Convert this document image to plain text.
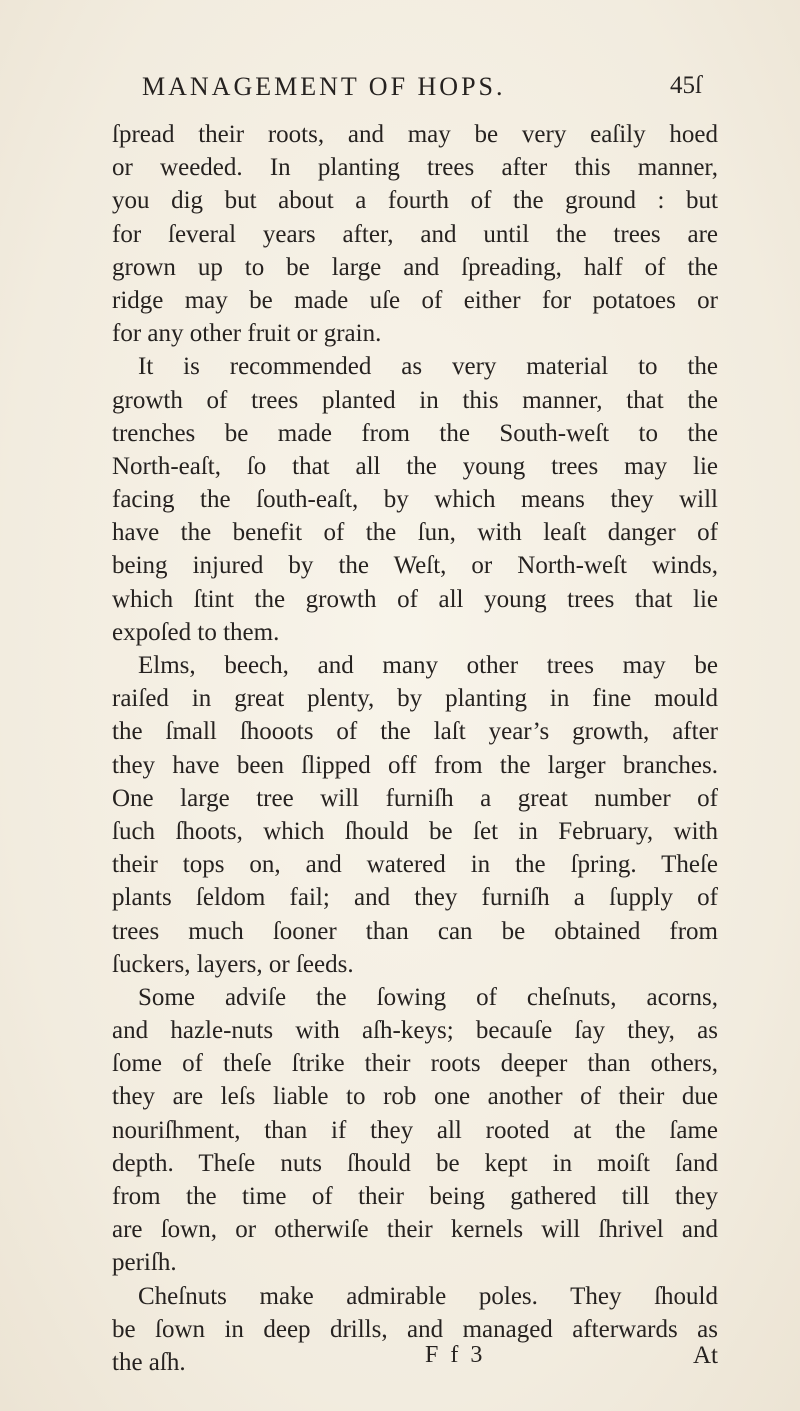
MANAGEMENT OF HOPS.	45ſ
ſpread their roots, and may be very eaſily hoed
or weeded. In planting trees after this manner,
you dig but about a fourth of the ground : but
for ſeveral years after, and until the trees are
grown up to be large and ſpreading, half of the
ridge may be made uſe of either for potatoes or
for any other fruit or grain.
It is recommended as very material to the
growth of trees planted in this manner, that the
trenches be made from the South-weſt to the
North-eaſt, ſo that all the young trees may lie
facing the ſouth-eaſt, by which means they will
have the benefit of the ſun, with leaſt danger of
being injured by the Weſt, or North-weſt winds,
which ſtint the growth of all young trees that lie
expoſed to them.
Elms, beech, and many other trees may be
raiſed in great plenty, by planting in fine mould
the ſmall ſhooots of the laſt year’s growth, after
they have been ſlipped off from the larger branches.
One large tree will furniſh a great number of
ſuch ſhoots, which ſhould be ſet in February, with
their tops on, and watered in the ſpring. Theſe
plants ſeldom fail; and they furniſh a ſupply of
trees much ſooner than can be obtained from
ſuckers, layers, or ſeeds.
Some adviſe the ſowing of cheſnuts, acorns,
and hazle-nuts with aſh-keys; becauſe ſay they, as
ſome of theſe ſtrike their roots deeper than others,
they are leſs liable to rob one another of their due
nouriſhment, than if they all rooted at the ſame
depth. Theſe nuts ſhould be kept in moiſt ſand
from the time of their being gathered till they
are ſown, or otherwiſe their kernels will ſhrivel and
periſh.
Cheſnuts make admirable poles. They ſhould
be ſown in deep drills, and managed afterwards as
the aſh.	F f 3	At
